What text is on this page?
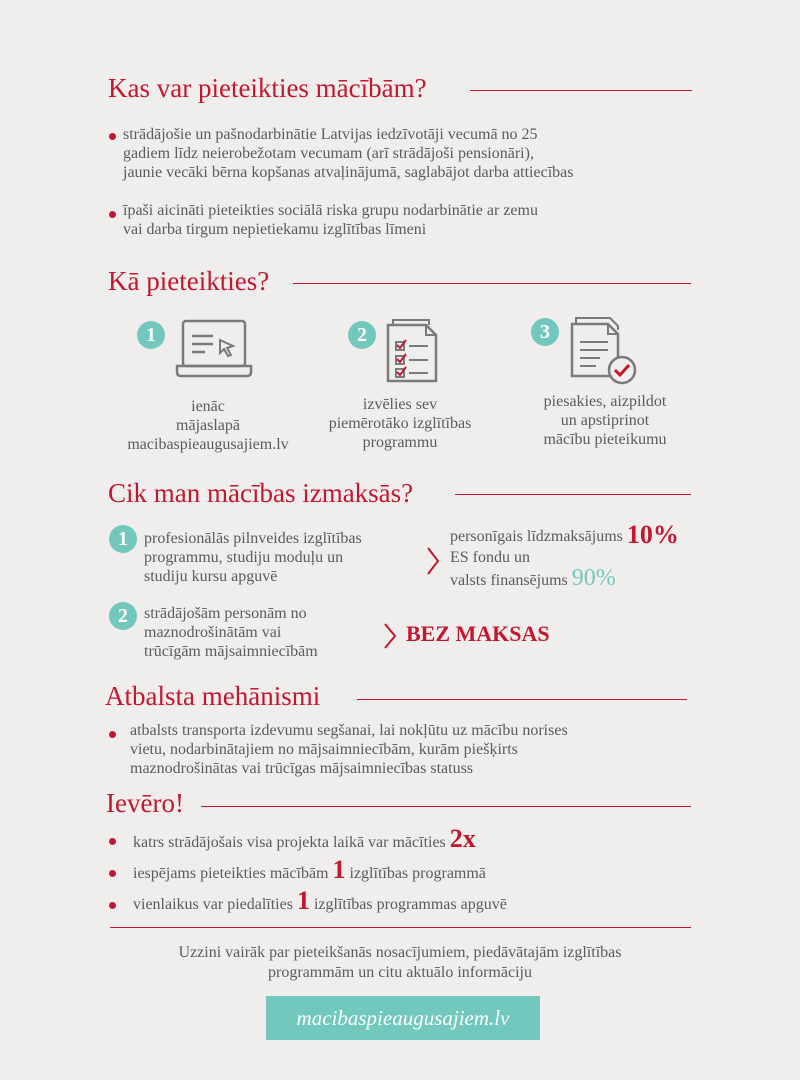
Kas var pieteikties mācībām?
strādājošie un pašnodarbinātie Latvijas iedzīvotāji vecumā no 25
gadiem līdz neierobežotam vecumam (arī strādājoši pensionāri),
jaunie vecāki bērna kopšanas atvaļinājumā, saglabājot darba attiecības
īpaši aicināti pieteikties sociālā riska grupu nodarbinātie ar zemu
vai darba tirgum nepietiekamu izglītības līmeni
Kā pieteikties?
1
ienāc
mājaslapā
macibaspieaugusajiem.lv
2
izvēlies sev
piemērotāko izglītības
programmu
3
piesakies, aizpildot
un apstiprinot
mācību pieteikumu
Cik man mācības izmaksās?
1	profesionālās pilnveides izglītības
programmu, studiju moduļu un
studiju kursu apguvē
personīgais līdzmaksājums 10%
ES fondu un
valsts finansējums 90%
2	strādājošām personām no
maznodrošinātām vai
trūcīgām mājsaimniecībām
BEZ MAKSAS
Atbalsta mehānismi
atbalsts transporta izdevumu segšanai, lai nokļūtu uz mācību norises
vietu, nodarbinātajiem no mājsaimniecībām, kurām piešķirts
maznodrošinātas vai trūcīgas mājsaimniecības statuss
Ievēro!
katrs strādājošais visa projekta laikā var mācīties 2x
iespējams pieteikties mācībām 1 izglītības programmā
vienlaikus var piedalīties 1 izglītības programmas apguvē
Uzzini vairāk par pieteikšanās nosacījumiem, piedāvātajām izglītības
programmām un citu aktuālo informāciju
macibaspieaugusajiem.lv
